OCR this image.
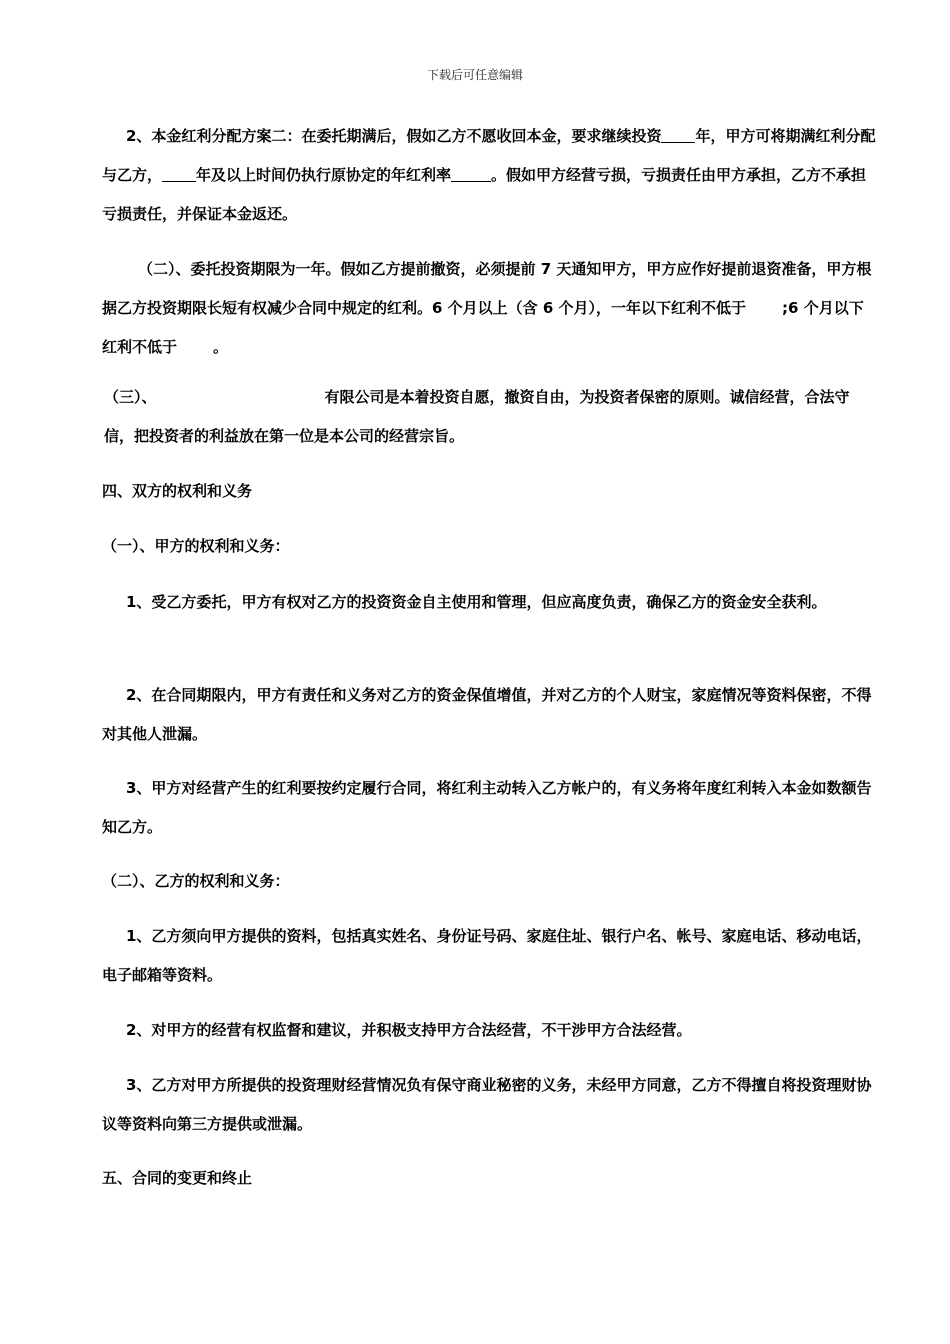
下载后可任意编辑

2、本金红利分配方案二：在委托期满后，假如乙方不愿收回本金，要求继续投资 年，甲方可将期满红利分配与乙方， 年及以上时间仍执行原协定的年红利率	。假如甲方经营亏损，亏损责任由甲方承担，乙方不承担亏损责任，并保证本金返还。

（二）、委托投资期限为一年。假如乙方提前撤资，必须提前 7 天通知甲方，甲方应作好提前退资准备，甲方根据乙方投资期限长短有权减少合同中规定的红利。6 个月以上（含 6 个月），一年以下红利不低于 ;6 个月以下红利不低于 。

（三）、	有限公司是本着投资自愿，撤资自由，为投资者保密的原则。诚信经营，合法守信，把投资者的利益放在第一位是本公司的经营宗旨。

四、双方的权利和义务

（一）、甲方的权利和义务：

1、受乙方委托，甲方有权对乙方的投资资金自主使用和管理，但应高度负责，确保乙方的资金安全获利。

2、在合同期限内，甲方有责任和义务对乙方的资金保值增值，并对乙方的个人财宝，家庭情况等资料保密，不得对其他人泄漏。

3、甲方对经营产生的红利要按约定履行合同，将红利主动转入乙方帐户的，有义务将年度红利转入本金如数额告知乙方。

（二）、乙方的权利和义务：

1、乙方须向甲方提供的资料，包括真实姓名、身份证号码、家庭住址、银行户名、帐号、家庭电话、移动电话，电子邮箱等资料。

2、对甲方的经营有权监督和建议，并积极支持甲方合法经营，不干涉甲方合法经营。

3、乙方对甲方所提供的投资理财经营情况负有保守商业秘密的义务，未经甲方同意，乙方不得擅自将投资理财协议等资料向第三方提供或泄漏。

五、合同的变更和终止
